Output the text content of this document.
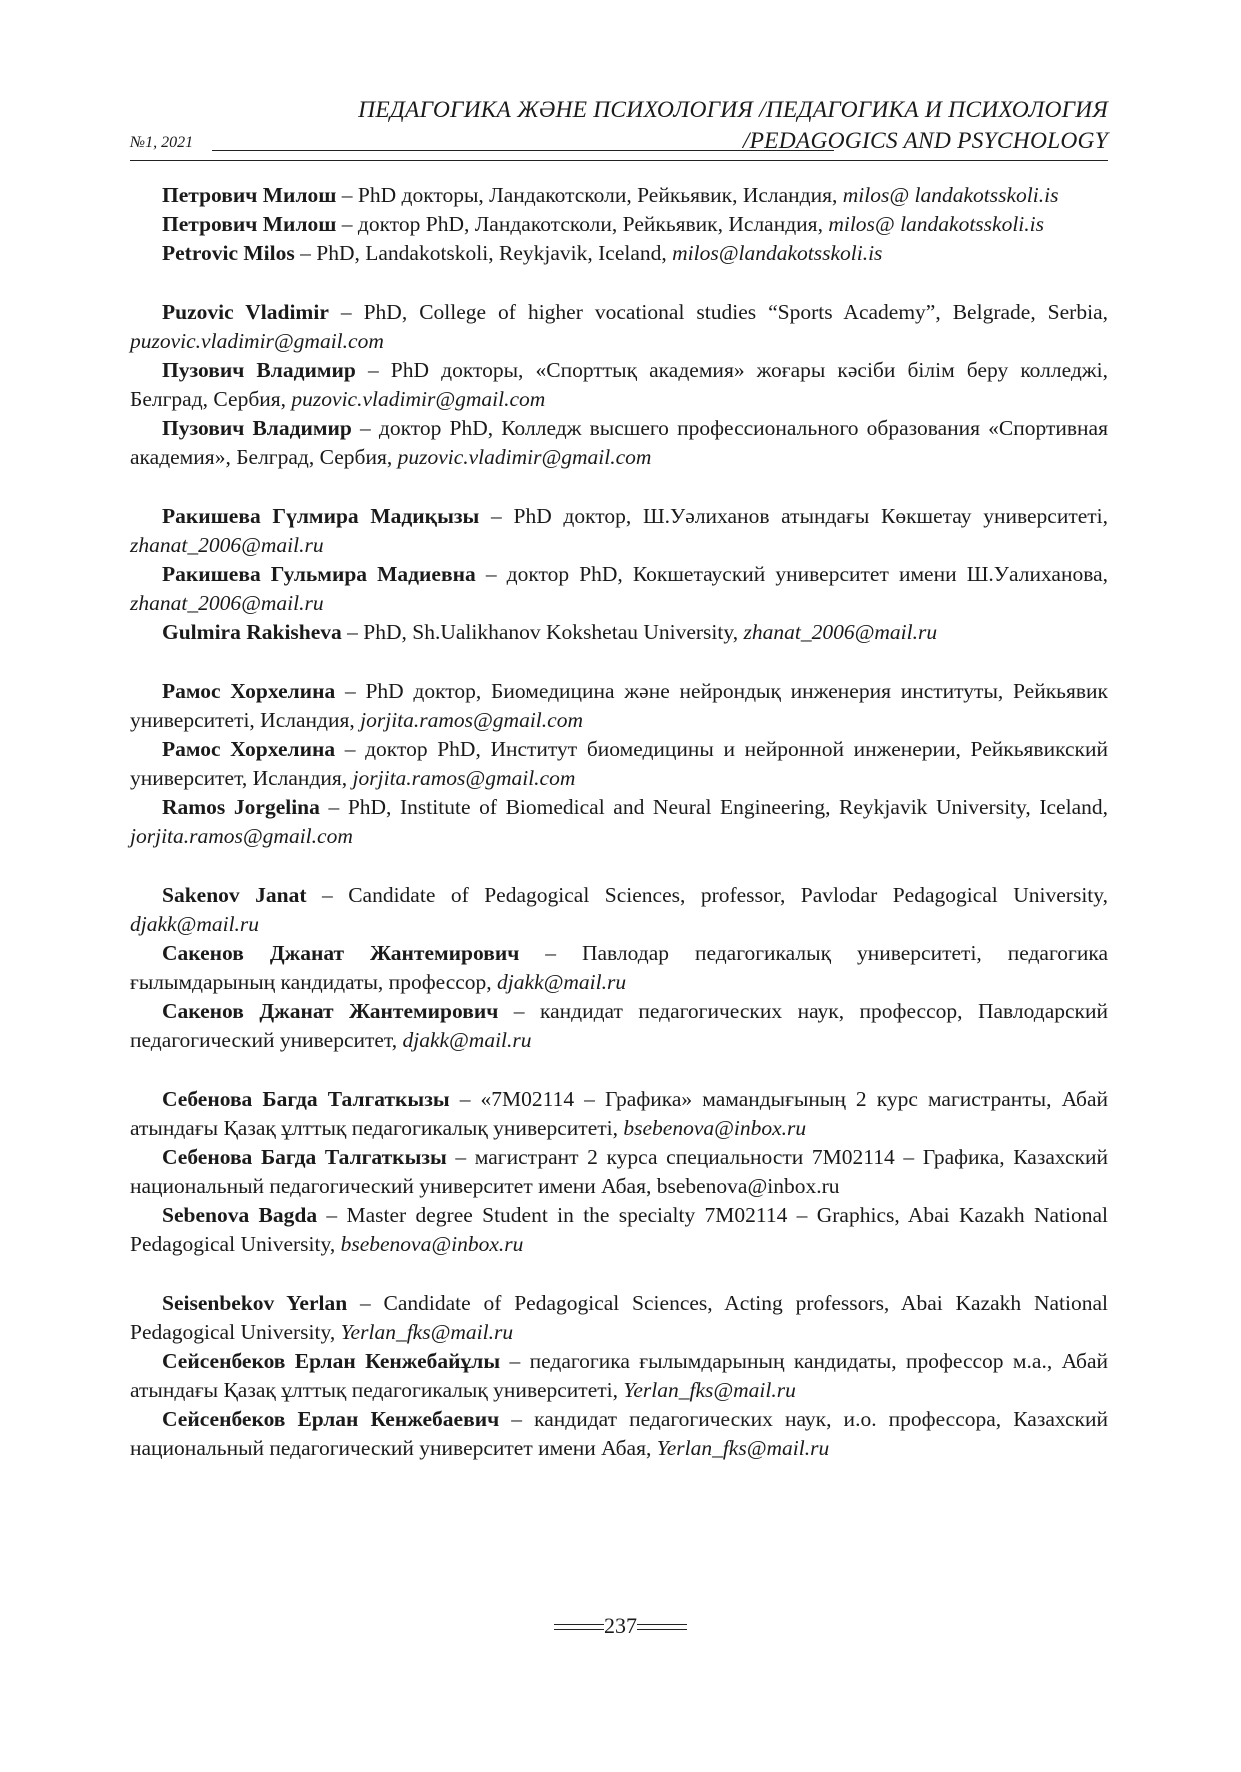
ПЕДАГОГИКА ЖӘНЕ ПСИХОЛОГИЯ /ПЕДАГОГИКА И ПСИХОЛОГИЯ
№1, 2021	/PEDAGOGICS AND PSYCHOLOGY

Петрович Милош – PhD докторы, Ландакотсколи, Рейкьявик, Исландия, milos@ landakotsskoli.is

Петрович Милош – доктор PhD, Ландакотсколи, Рейкьявик, Исландия, milos@ landakotsskoli.is

Petrovic Milos – PhD, Landakotskoli, Reykjavik, Iceland, milos@landakotsskoli.is

Puzovic Vladimir – PhD, College of higher vocational studies “Sports Academy”, Belgrade, Serbia, puzovic.vladimir@gmail.com

Пузович Владимир – PhD докторы, «Спорттық академия» жоғары кәсіби білім беру колледжі, Белград, Сербия, puzovic.vladimir@gmail.com

Пузович Владимир – доктор PhD, Колледж высшего профессионального образования «Спортивная академия», Белград, Сербия, puzovic.vladimir@gmail.com

Ракишева Гүлмира Мадиқызы – PhD доктор, Ш.Уәлиханов атындағы Көкшетау университеті, zhanat_2006@mail.ru

Ракишева Гульмира Мадиевна – доктор PhD, Кокшетауский университет имени Ш.Уалиханова, zhanat_2006@mail.ru

Gulmira Rakisheva – PhD, Sh.Ualikhanov Kokshetau University, zhanat_2006@mail.ru

Рамос Хорхелина – PhD доктор, Биомедицина және нейрондық инженерия институты, Рейкьявик университеті, Исландия, jorjita.ramos@gmail.com

Рамос Хорхелина – доктор PhD, Институт биомедицины и нейронной инженерии, Рейкьявикский университет, Исландия, jorjita.ramos@gmail.com

Ramos Jorgelina – PhD, Institute of Biomedical and Neural Engineering, Reykjavik University, Iceland, jorjita.ramos@gmail.com

Sakenov Janat – Candidate of Pedagogical Sciences, professor, Pavlodar Pedagogical University, djakk@mail.ru

Сакенов Джанат Жантемирович – Павлодар педагогикалық университеті, педагогика ғылымдарының кандидаты, профессор, djakk@mail.ru

Сакенов Джанат Жантемирович – кандидат педагогических наук, профессор, Павлодарский педагогический университет, djakk@mail.ru

Себенова Багда Талгаткызы – «7М02114 – Графика» мамандығының 2 курс магистранты, Абай атындағы Қазақ ұлттық педагогикалық университеті, bsebenova@inbox.ru

Себенова Багда Талгаткызы – магистрант 2 курса специальности 7М02114 – Графика, Казахский национальный педагогический университет имени Абая, bsebenova@inbox.ru

Sebenova Bagda – Master degree Student in the specialty 7M02114 – Graphics, Abai Kazakh National Pedagogical University, bsebenova@inbox.ru

Seisenbekov Yerlan – Candidate of Pedagogical Sciences, Acting professors, Abai Kazakh National Pedagogical University, Yerlan_fks@mail.ru

Сейсенбеков Ерлан Кенжебайұлы – педагогика ғылымдарының кандидаты, профессор м.а., Абай атындағы Қазақ ұлттық педагогикалық университеті, Yerlan_fks@mail.ru

Сейсенбеков Ерлан Кенжебаевич – кандидат педагогических наук, и.о. профессора, Казахский национальный педагогический университет имени Абая, Yerlan_fks@mail.ru

237
